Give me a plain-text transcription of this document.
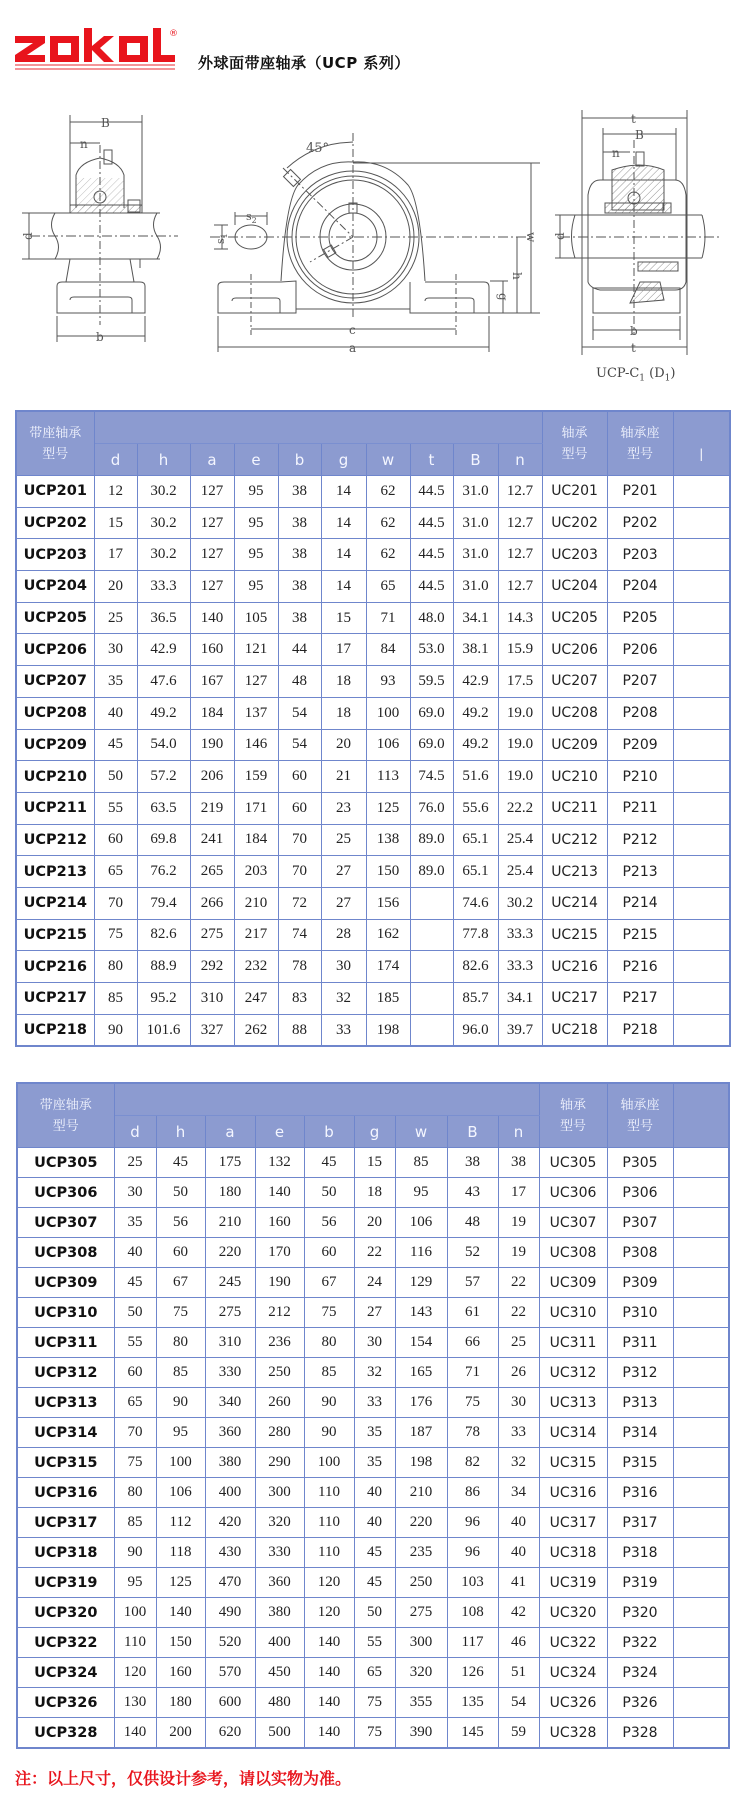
®
外球面带座轴承（UCP 系列）
B
n
d
b
$s_2$
$s_1$
45°
c
a
w
h
g
t
B
n
d
b
t
UCP-$C_1$ $(D_1)$
带座轴承
型号											轴承
型号	轴承座
型号	|
	d	h	a	e	b	g	w	t	B	n			
UCP201	12	30.2	127	95	38	14	62	44.5	31.0	12.7	UC201	P201	
UCP202	15	30.2	127	95	38	14	62	44.5	31.0	12.7	UC202	P202	
UCP203	17	30.2	127	95	38	14	62	44.5	31.0	12.7	UC203	P203	
UCP204	20	33.3	127	95	38	14	65	44.5	31.0	12.7	UC204	P204	
UCP205	25	36.5	140	105	38	15	71	48.0	34.1	14.3	UC205	P205	
UCP206	30	42.9	160	121	44	17	84	53.0	38.1	15.9	UC206	P206	
UCP207	35	47.6	167	127	48	18	93	59.5	42.9	17.5	UC207	P207	
UCP208	40	49.2	184	137	54	18	100	69.0	49.2	19.0	UC208	P208	
UCP209	45	54.0	190	146	54	20	106	69.0	49.2	19.0	UC209	P209	
UCP210	50	57.2	206	159	60	21	113	74.5	51.6	19.0	UC210	P210	
UCP211	55	63.5	219	171	60	23	125	76.0	55.6	22.2	UC211	P211	
UCP212	60	69.8	241	184	70	25	138	89.0	65.1	25.4	UC212	P212	
UCP213	65	76.2	265	203	70	27	150	89.0	65.1	25.4	UC213	P213	
UCP214	70	79.4	266	210	72	27	156		74.6	30.2	UC214	P214	
UCP215	75	82.6	275	217	74	28	162		77.8	33.3	UC215	P215	
UCP216	80	88.9	292	232	78	30	174		82.6	33.3	UC216	P216	
UCP217	85	95.2	310	247	83	32	185		85.7	34.1	UC217	P217	
UCP218	90	101.6	327	262	88	33	198		96.0	39.7	UC218	P218	
带座轴承
型号										轴承
型号	轴承座
型号	
	d	h	a	e	b	g	w	B	n			
UCP305	25	45	175	132	45	15	85	38	38	UC305	P305	
UCP306	30	50	180	140	50	18	95	43	17	UC306	P306	
UCP307	35	56	210	160	56	20	106	48	19	UC307	P307	
UCP308	40	60	220	170	60	22	116	52	19	UC308	P308	
UCP309	45	67	245	190	67	24	129	57	22	UC309	P309	
UCP310	50	75	275	212	75	27	143	61	22	UC310	P310	
UCP311	55	80	310	236	80	30	154	66	25	UC311	P311	
UCP312	60	85	330	250	85	32	165	71	26	UC312	P312	
UCP313	65	90	340	260	90	33	176	75	30	UC313	P313	
UCP314	70	95	360	280	90	35	187	78	33	UC314	P314	
UCP315	75	100	380	290	100	35	198	82	32	UC315	P315	
UCP316	80	106	400	300	110	40	210	86	34	UC316	P316	
UCP317	85	112	420	320	110	40	220	96	40	UC317	P317	
UCP318	90	118	430	330	110	45	235	96	40	UC318	P318	
UCP319	95	125	470	360	120	45	250	103	41	UC319	P319	
UCP320	100	140	490	380	120	50	275	108	42	UC320	P320	
UCP322	110	150	520	400	140	55	300	117	46	UC322	P322	
UCP324	120	160	570	450	140	65	320	126	51	UC324	P324	
UCP326	130	180	600	480	140	75	355	135	54	UC326	P326	
UCP328	140	200	620	500	140	75	390	145	59	UC328	P328	
注：以上尺寸，仅供设计参考，请以实物为准。
